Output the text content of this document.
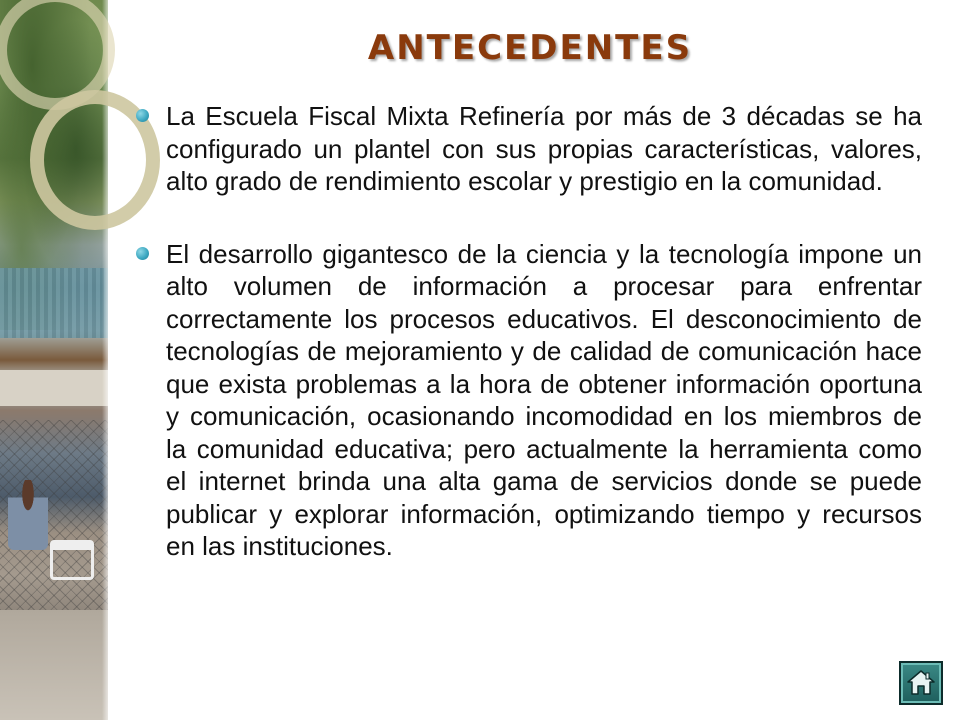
ANTECEDENTES

La Escuela Fiscal Mixta Refinería por más de 3 décadas se ha configurado un plantel con sus propias características, valores, alto grado de rendimiento escolar y prestigio en la comunidad.

El desarrollo gigantesco de la ciencia y la tecnología impone un alto volumen de información a procesar para enfrentar correctamente los procesos educativos. El desconocimiento de tecnologías de mejoramiento y de calidad de comunicación hace que exista problemas a la hora de obtener información oportuna y comunicación, ocasionando incomodidad en los miembros de la comunidad educativa; pero actualmente la herramienta como el internet brinda una alta gama de servicios donde se puede publicar y explorar información, optimizando tiempo y recursos en las instituciones.
